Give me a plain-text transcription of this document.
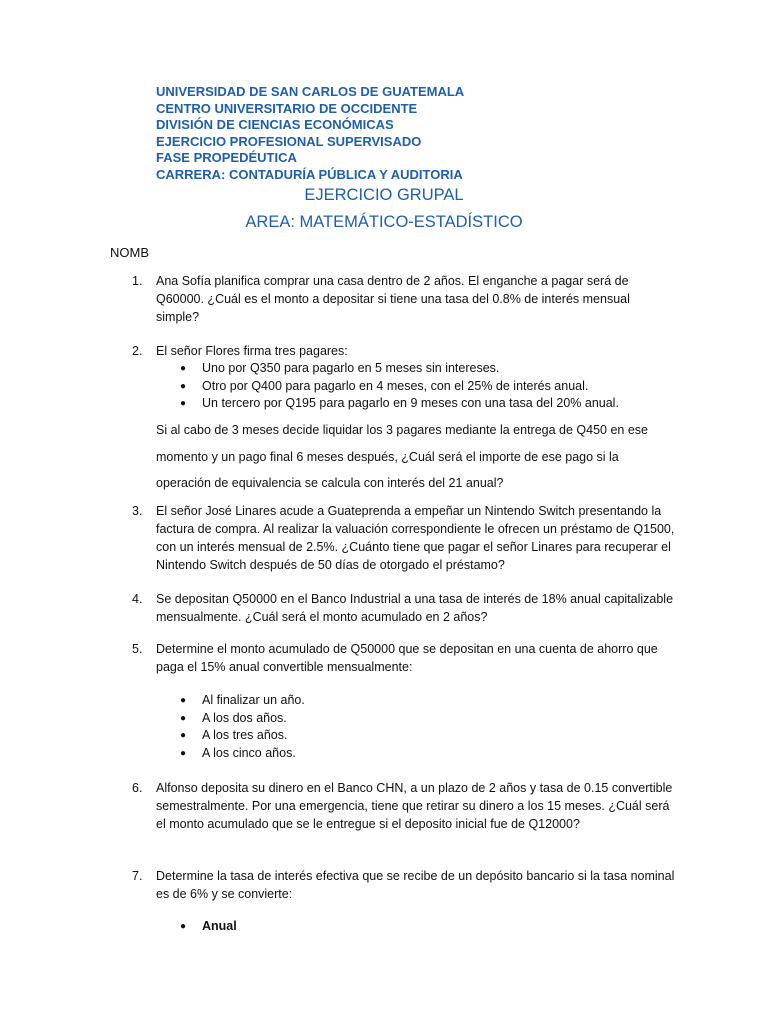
UNIVERSIDAD DE SAN CARLOS DE GUATEMALA
CENTRO UNIVERSITARIO DE OCCIDENTE
DIVISIÓN DE CIENCIAS ECONÓMICAS
EJERCICIO PROFESIONAL SUPERVISADO
FASE PROPEDÉUTICA
CARRERA: CONTADURÍA PÚBLICA Y AUDITORIA
EJERCICIO GRUPAL
AREA: MATEMÁTICO-ESTADÍSTICO
NOMB
1. Ana Sofía planifica comprar una casa dentro de 2 años. El enganche a pagar será de Q60000. ¿Cuál es el monto a depositar si tiene una tasa del 0.8% de interés mensual simple?
2. El señor Flores firma tres pagares:
● Uno por Q350 para pagarlo en 5 meses sin intereses.
● Otro por Q400 para pagarlo en 4 meses, con el 25% de interés anual.
● Un tercero por Q195 para pagarlo en 9 meses con una tasa del 20% anual.
Si al cabo de 3 meses decide liquidar los 3 pagares mediante la entrega de Q450 en ese momento y un pago final 6 meses después, ¿Cuál será el importe de ese pago si la operación de equivalencia se calcula con interés del 21 anual?
3. El señor José Linares acude a Guateprenda a empeñar un Nintendo Switch presentando la factura de compra. Al realizar la valuación correspondiente le ofrecen un préstamo de Q1500, con un interés mensual de 2.5%. ¿Cuánto tiene que pagar el señor Linares para recuperar el Nintendo Switch después de 50 días de otorgado el préstamo?
4. Se depositan Q50000 en el Banco Industrial a una tasa de interés de 18% anual capitalizable mensualmente. ¿Cuál será el monto acumulado en 2 años?
5. Determine el monto acumulado de Q50000 que se depositan en una cuenta de ahorro que paga el 15% anual convertible mensualmente:
● Al finalizar un año.
● A los dos años.
● A los tres años.
● A los cinco años.
6. Alfonso deposita su dinero en el Banco CHN, a un plazo de 2 años y tasa de 0.15 convertible semestralmente. Por una emergencia, tiene que retirar su dinero a los 15 meses. ¿Cuál será el monto acumulado que se le entregue si el deposito inicial fue de Q12000?
7. Determine la tasa de interés efectiva que se recibe de un depósito bancario si la tasa nominal es de 6% y se convierte:
● Anual
